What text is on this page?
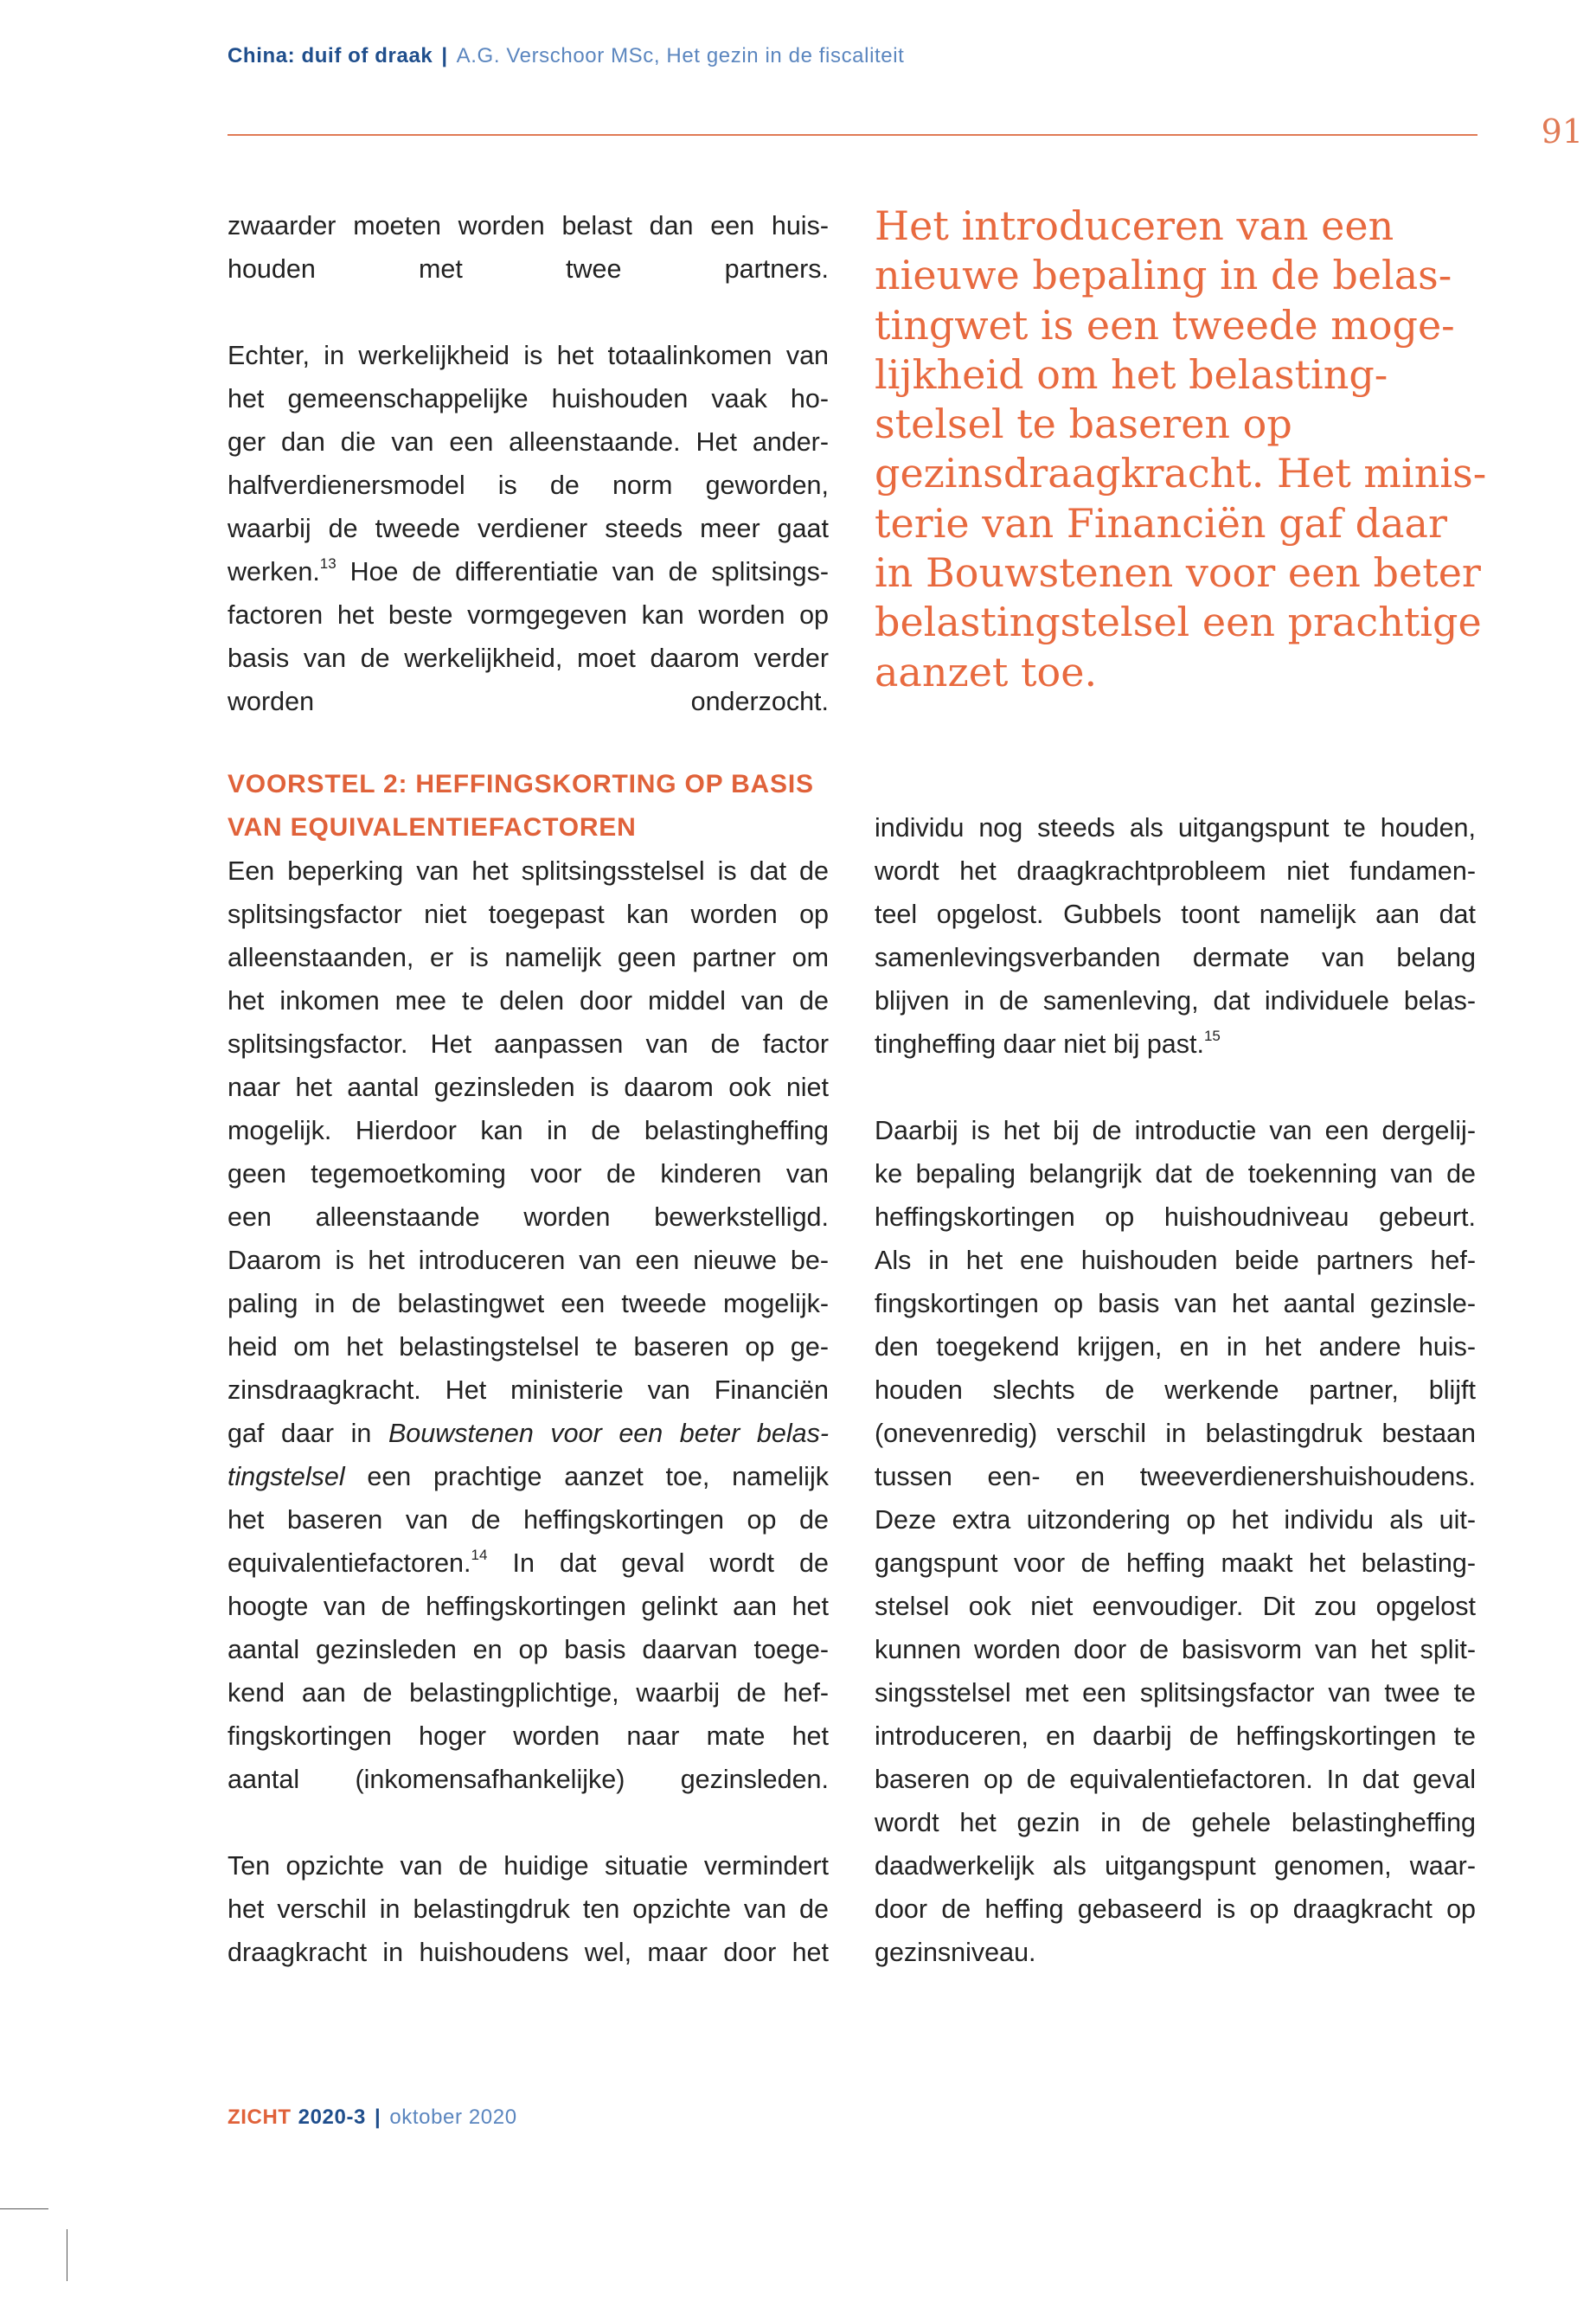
China: duif of draak | A.G. Verschoor MSc, Het gezin in de fiscaliteit
91

zwaarder moeten worden belast dan een huis-
houden met twee partners.

Echter, in werkelijkheid is het totaalinkomen van
het gemeenschappelijke huishouden vaak ho-
ger dan die van een alleenstaande. Het ander-
halfverdienersmodel is de norm geworden,
waarbij de tweede verdiener steeds meer gaat
werken.$^{13}$ Hoe de differentiatie van de splitsings-
factoren het beste vormgegeven kan worden op
basis van de werkelijkheid, moet daarom verder
worden onderzocht.

Het introduceren van een
nieuwe bepaling in de belas-
tingwet is een tweede moge-
lijkheid om het belasting-
stelsel te baseren op
gezinsdraagkracht. Het minis-
terie van Financiën gaf daar
in Bouwstenen voor een beter
belastingstelsel een prachtige
aanzet toe.
VOORSTEL 2: HEFFINGSKORTING OP BASIS
VAN EQUIVALENTIEFACTOREN

Een beperking van het splitsingsstelsel is dat de
splitsingsfactor niet toegepast kan worden op
alleenstaanden, er is namelijk geen partner om
het inkomen mee te delen door middel van de
splitsingsfactor. Het aanpassen van de factor
naar het aantal gezinsleden is daarom ook niet
mogelijk. Hierdoor kan in de belastingheffing
geen tegemoetkoming voor de kinderen van
een alleenstaande worden bewerkstelligd.
Daarom is het introduceren van een nieuwe be-
paling in de belastingwet een tweede mogelijk-
heid om het belastingstelsel te baseren op ge-
zinsdraagkracht. Het ministerie van Financiën
gaf daar in Bouwstenen voor een beter belas-
tingstelsel een prachtige aanzet toe, namelijk
het baseren van de heffingskortingen op de
equivalentiefactoren.$^{14}$ In dat geval wordt de
hoogte van de heffingskortingen gelinkt aan het
aantal gezinsleden en op basis daarvan toege-
kend aan de belastingplichtige, waarbij de hef-
fingskortingen hoger worden naar mate het
aantal (inkomensafhankelijke) gezinsleden.

Ten opzichte van de huidige situatie vermindert
het verschil in belastingdruk ten opzichte van de
draagkracht in huishoudens wel, maar door het

individu nog steeds als uitgangspunt te houden,
wordt het draagkrachtprobleem niet fundamen-
teel opgelost. Gubbels toont namelijk aan dat
samenlevingsverbanden dermate van belang
blijven in de samenleving, dat individuele belas-

tingheffing daar niet bij past.$^{15}$

Daarbij is het bij de introductie van een dergelij-
ke bepaling belangrijk dat de toekenning van de
heffingskortingen op huishoudniveau gebeurt.
Als in het ene huishouden beide partners hef-
fingskortingen op basis van het aantal gezinsle-
den toegekend krijgen, en in het andere huis-
houden slechts de werkende partner, blijft
(onevenredig) verschil in belastingdruk bestaan
tussen een- en tweeverdienershuishoudens.
Deze extra uitzondering op het individu als uit-
gangspunt voor de heffing maakt het belasting-
stelsel ook niet eenvoudiger. Dit zou opgelost
kunnen worden door de basisvorm van het split-
singsstelsel met een splitsingsfactor van twee te
introduceren, en daarbij de heffingskortingen te
baseren op de equivalentiefactoren. In dat geval
wordt het gezin in de gehele belastingheffing
daadwerkelijk als uitgangspunt genomen, waar-
door de heffing gebaseerd is op draagkracht op

gezinsniveau.

ZICHT 2020-3 | oktober 2020
